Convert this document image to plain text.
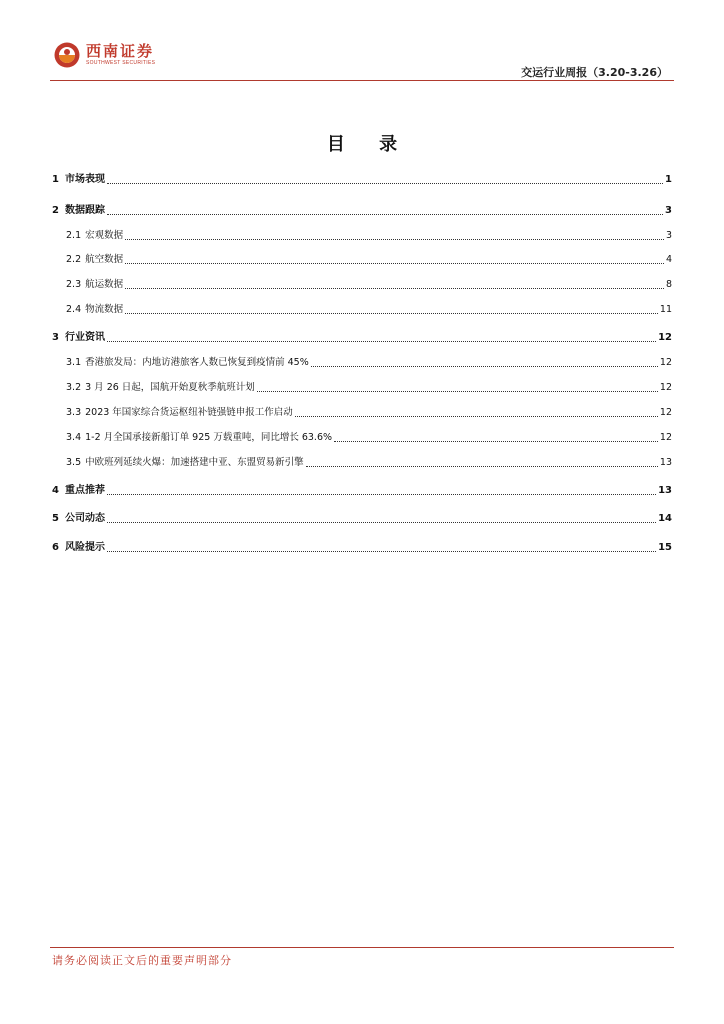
西南证券
SOUTHWEST SECURITIES
交运行业周报（3.20-3.26）
目 录
1 市场表现	1
2 数据跟踪	3
2.1 宏观数据	3
2.2 航空数据	4
2.3 航运数据	8
2.4 物流数据	11
3 行业资讯	12
3.1 香港旅发局：内地访港旅客人数已恢复到疫情前 45%	12
3.2 3 月 26 日起，国航开始夏秋季航班计划	12
3.3 2023 年国家综合货运枢纽补链强链申报工作启动	12
3.4 1-2 月全国承接新船订单 925 万载重吨，同比增长 63.6%	12
3.5 中欧班列延续火爆：加速搭建中亚、东盟贸易新引擎	13
4 重点推荐	13
5 公司动态	14
6 风险提示	15
请务必阅读正文后的重要声明部分
